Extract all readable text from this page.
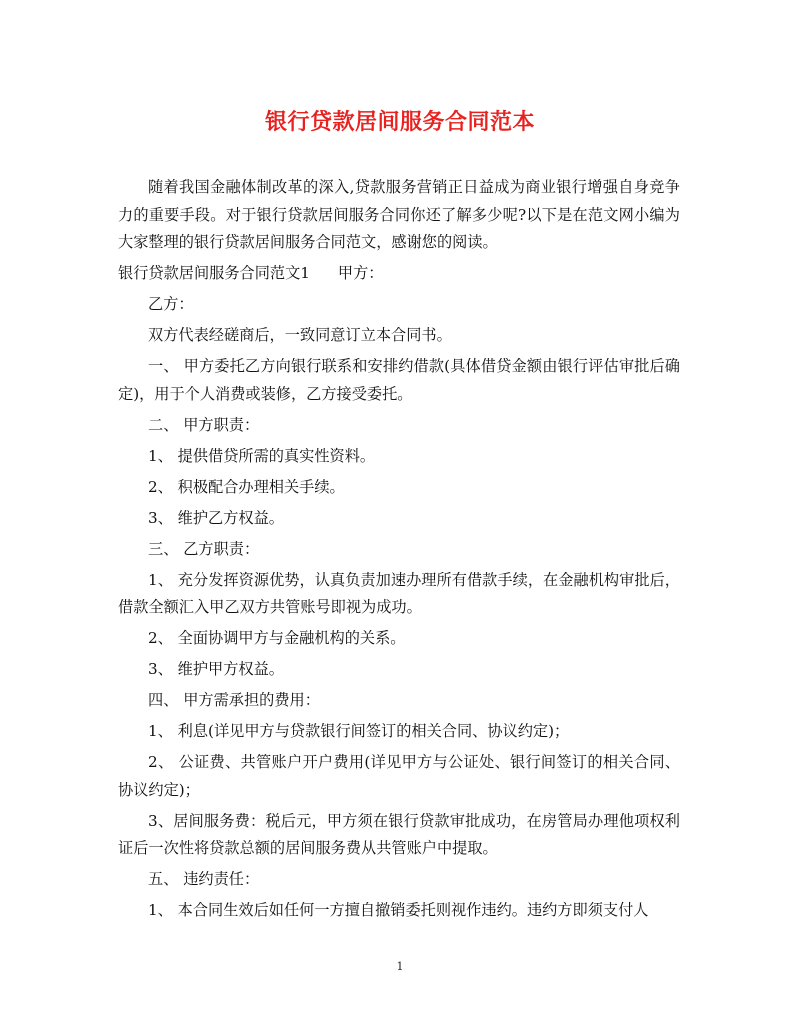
银行贷款居间服务合同范本

随着我国金融体制改革的深入,贷款服务营销正日益成为商业银行增强自身竞争力的重要手段。对于银行贷款居间服务合同你还了解多少呢?以下是在范文网小编为大家整理的银行贷款居间服务合同范文，感谢您的阅读。

银行贷款居间服务合同范文1 甲方：

乙方：

双方代表经磋商后，一致同意订立本合同书。

一、 甲方委托乙方向银行联系和安排约借款(具体借贷金额由银行评估审批后确定)，用于个人消费或装修，乙方接受委托。

二、 甲方职责：

1、 提供借贷所需的真实性资料。

2、 积极配合办理相关手续。

3、 维护乙方权益。

三、 乙方职责：

1、 充分发挥资源优势，认真负责加速办理所有借款手续，在金融机构审批后，借款全额汇入甲乙双方共管账号即视为成功。

2、 全面协调甲方与金融机构的关系。

3、 维护甲方权益。

四、 甲方需承担的费用：

1、 利息(详见甲方与贷款银行间签订的相关合同、协议约定)；

2、 公证费、共管账户开户费用(详见甲方与公证处、银行间签订的相关合同、协议约定)；

3、居间服务费：税后元，甲方须在银行贷款审批成功，在房管局办理他项权利证后一次性将贷款总额的居间服务费从共管账户中提取。

五、 违约责任：

1、 本合同生效后如任何一方擅自撤销委托则视作违约。违约方即须支付人

1
